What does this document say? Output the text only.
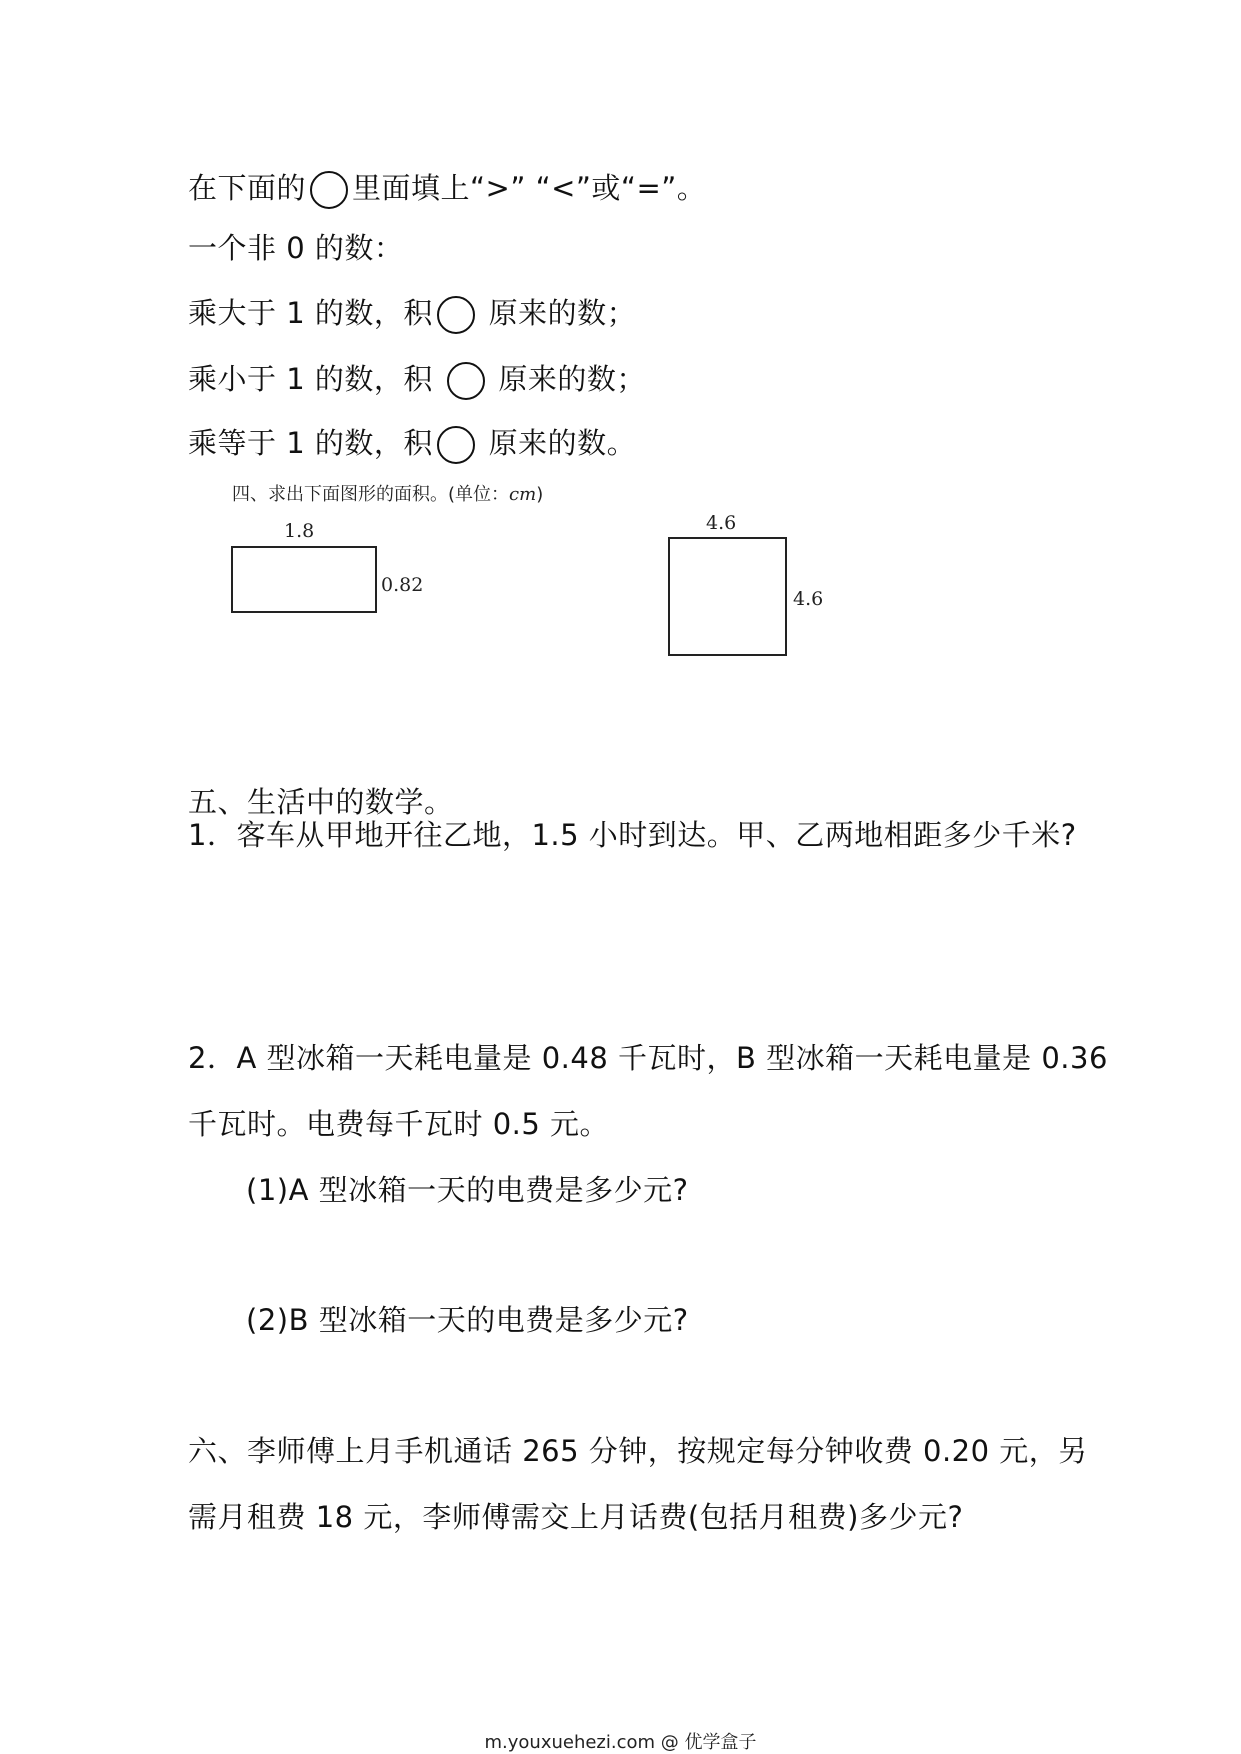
在下面的 里面填上“>” “<”或“=”。
一个非 0 的数：
乘大于 1 的数，积 原来的数；
乘小于 1 的数，积 原来的数；
乘等于 1 的数，积 原来的数。
四、求出下面图形的面积。(单位：cm)
1.8
0.82
4.6
4.6
五、生活中的数学。
1．客车从甲地开往乙地，1.5 小时到达。甲、乙两地相距多少千米?
2．A 型冰箱一天耗电量是 0.48 千瓦时，B 型冰箱一天耗电量是 0.36
千瓦时。电费每千瓦时 0.5 元。
(1)A 型冰箱一天的电费是多少元?
(2)B 型冰箱一天的电费是多少元?
六、李师傅上月手机通话 265 分钟，按规定每分钟收费 0.20 元，另
需月租费 18 元，李师傅需交上月话费(包括月租费)多少元?
m.youxuehezi.com @ 优学盒子
